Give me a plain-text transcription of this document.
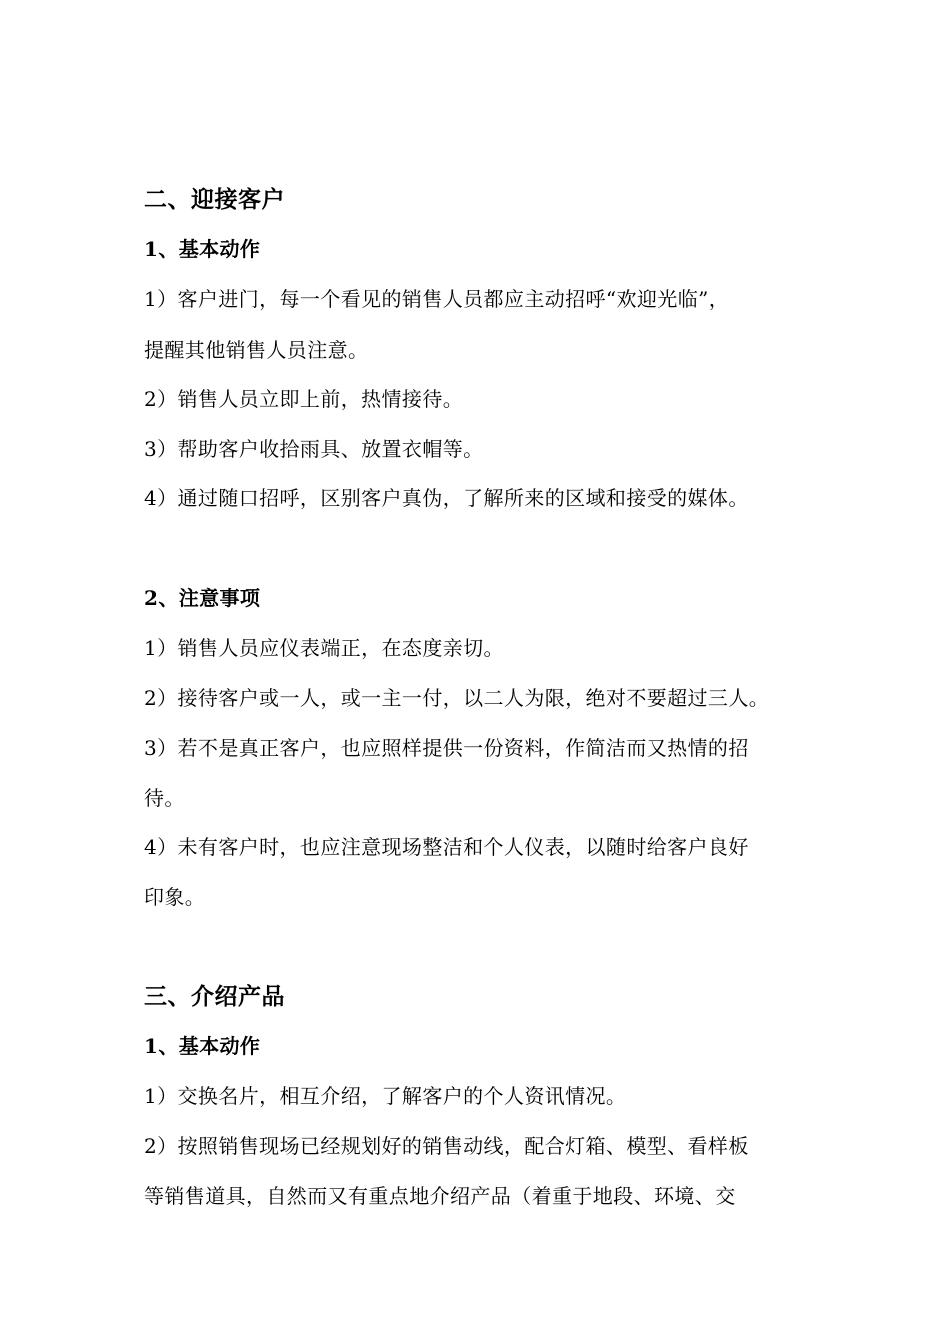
二、迎接客户
1、基本动作
1）客户进门，每一个看见的销售人员都应主动招呼“欢迎光临”，
提醒其他销售人员注意。
2）销售人员立即上前，热情接待。
3）帮助客户收拾雨具、放置衣帽等。
4）通过随口招呼，区别客户真伪，了解所来的区域和接受的媒体。
2、注意事项
1）销售人员应仪表端正，在态度亲切。
2）接待客户或一人，或一主一付，以二人为限，绝对不要超过三人。
3）若不是真正客户，也应照样提供一份资料，作简洁而又热情的招
待。
4）未有客户时，也应注意现场整洁和个人仪表，以随时给客户良好
印象。
三、介绍产品
1、基本动作
1）交换名片，相互介绍，了解客户的个人资讯情况。
2）按照销售现场已经规划好的销售动线，配合灯箱、模型、看样板
等销售道具，自然而又有重点地介绍产品（着重于地段、环境、交
